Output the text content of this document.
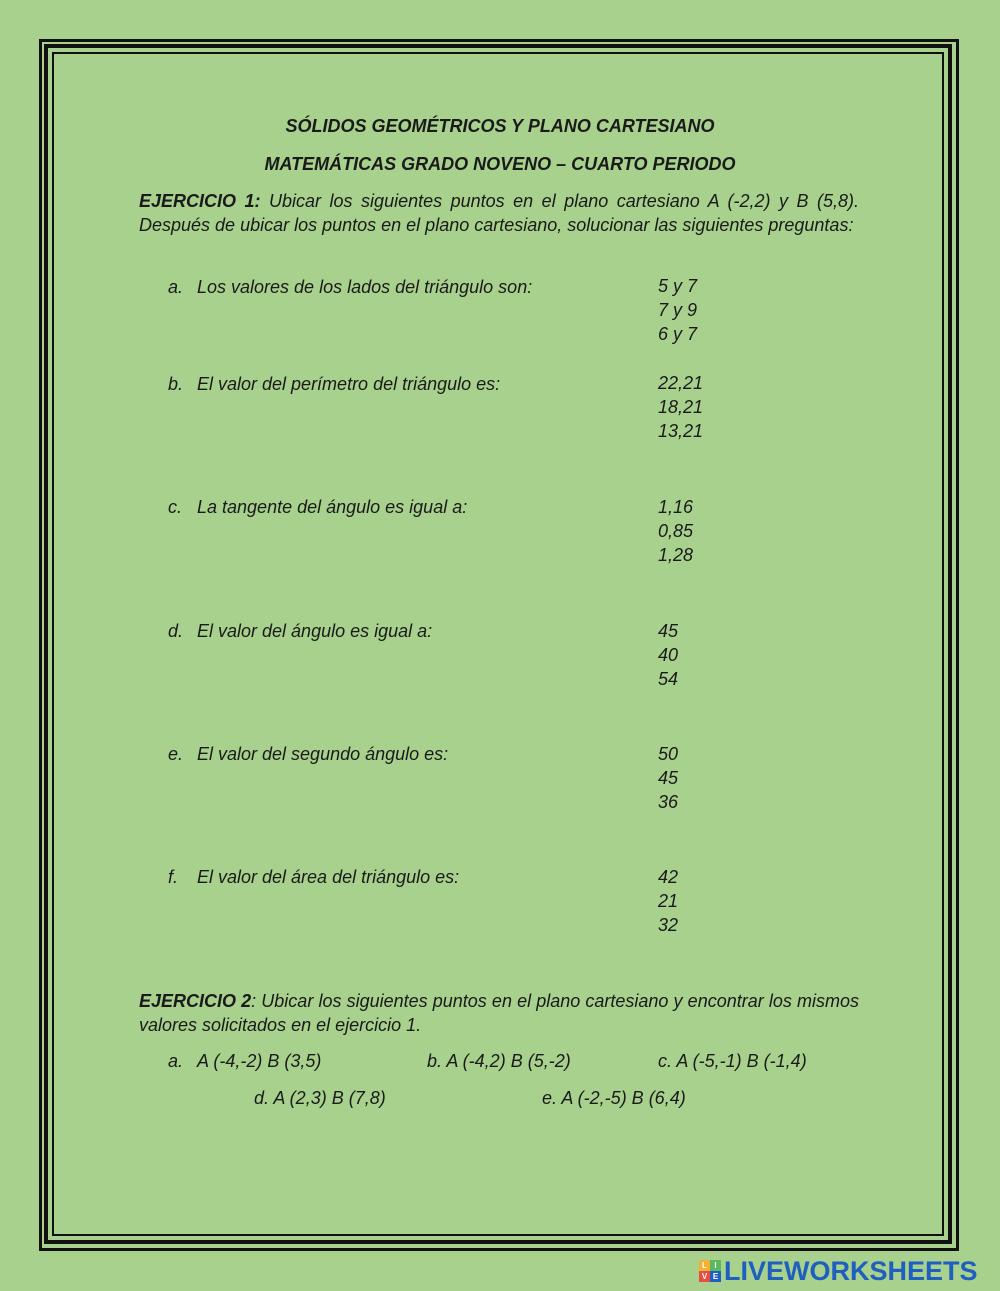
SÓLIDOS GEOMÉTRICOS Y PLANO CARTESIANO
MATEMÁTICAS GRADO NOVENO – CUARTO PERIODO
EJERCICIO 1: Ubicar los siguientes puntos en el plano cartesiano A (-2,2) y B (5,8). Después de ubicar los puntos en el plano cartesiano, solucionar las siguientes preguntas:
a. Los valores de los lados del triángulo son:	5 y 7
7 y 9
6 y 7
b. El valor del perímetro del triángulo es:	22,21
18,21
13,21
c. La tangente del ángulo es igual a:	1,16
0,85
1,28
d. El valor del ángulo es igual a:	45
40
54
e. El valor del segundo ángulo es:	50
45
36
f. El valor del área del triángulo es:	42
21
32
EJERCICIO 2: Ubicar los siguientes puntos en el plano cartesiano y encontrar los mismos valores solicitados en el ejercicio 1.
a. A (-4,-2) B (3,5)	b. A (-4,2) B (5,-2)	c. A (-5,-1) B (-1,4)
d. A (2,3) B (7,8)	e. A (-2,-5) B (6,4)
L I
V E LIVEWORKSHEETS
